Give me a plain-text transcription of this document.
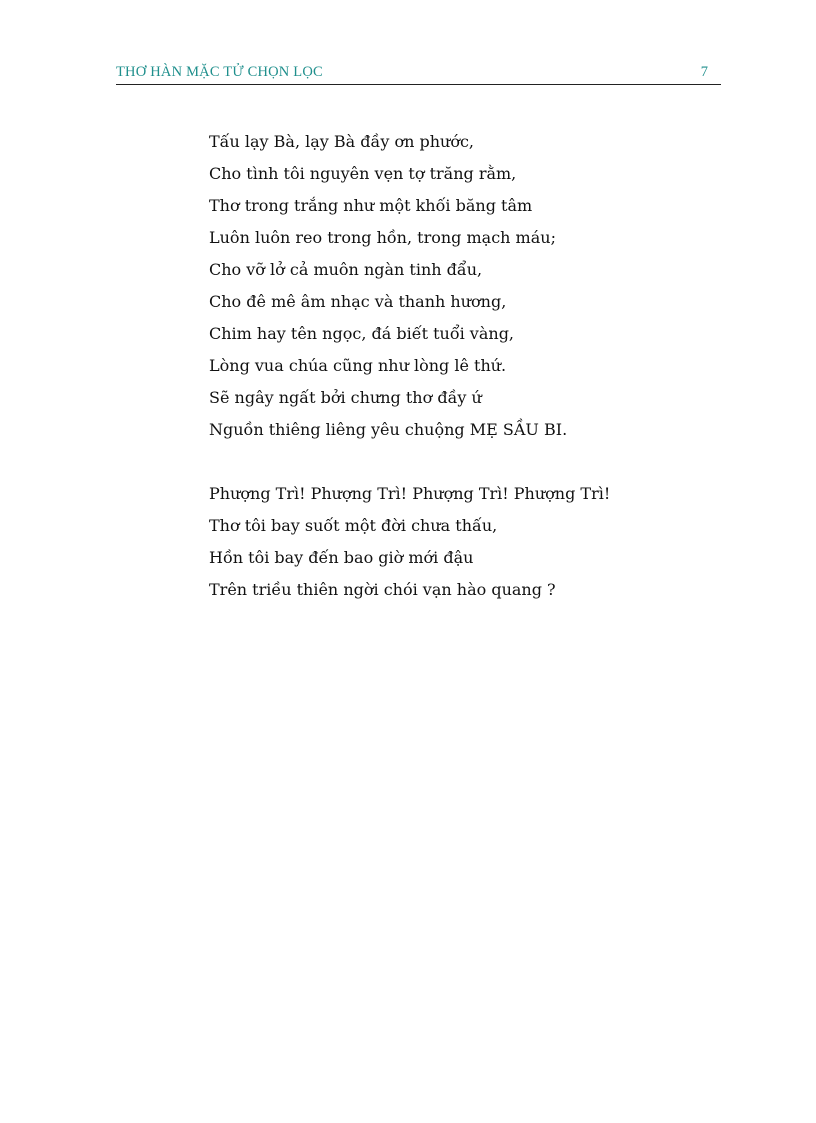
THƠ HÀN MẶC TỬ CHỌN LỌC	7
Tấu lạy Bà, lạy Bà đầy ơn phước,
Cho tình tôi nguyên vẹn tợ trăng rằm,
Thơ trong trắng như một khối băng tâm
Luôn luôn reo trong hồn, trong mạch máu;
Cho vỡ lở cả muôn ngàn tinh đẩu,
Cho đê mê âm nhạc và thanh hương,
Chim hay tên ngọc, đá biết tuổi vàng,
Lòng vua chúa cũng như lòng lê thứ.
Sẽ ngây ngất bởi chưng thơ đầy ứ
Nguồn thiêng liêng yêu chuộng MẸ SẦU BI.
Phượng Trì! Phượng Trì! Phượng Trì! Phượng Trì!
Thơ tôi bay suốt một đời chưa thấu,
Hồn tôi bay đến bao giờ mới đậu
Trên triều thiên ngời chói vạn hào quang ?
